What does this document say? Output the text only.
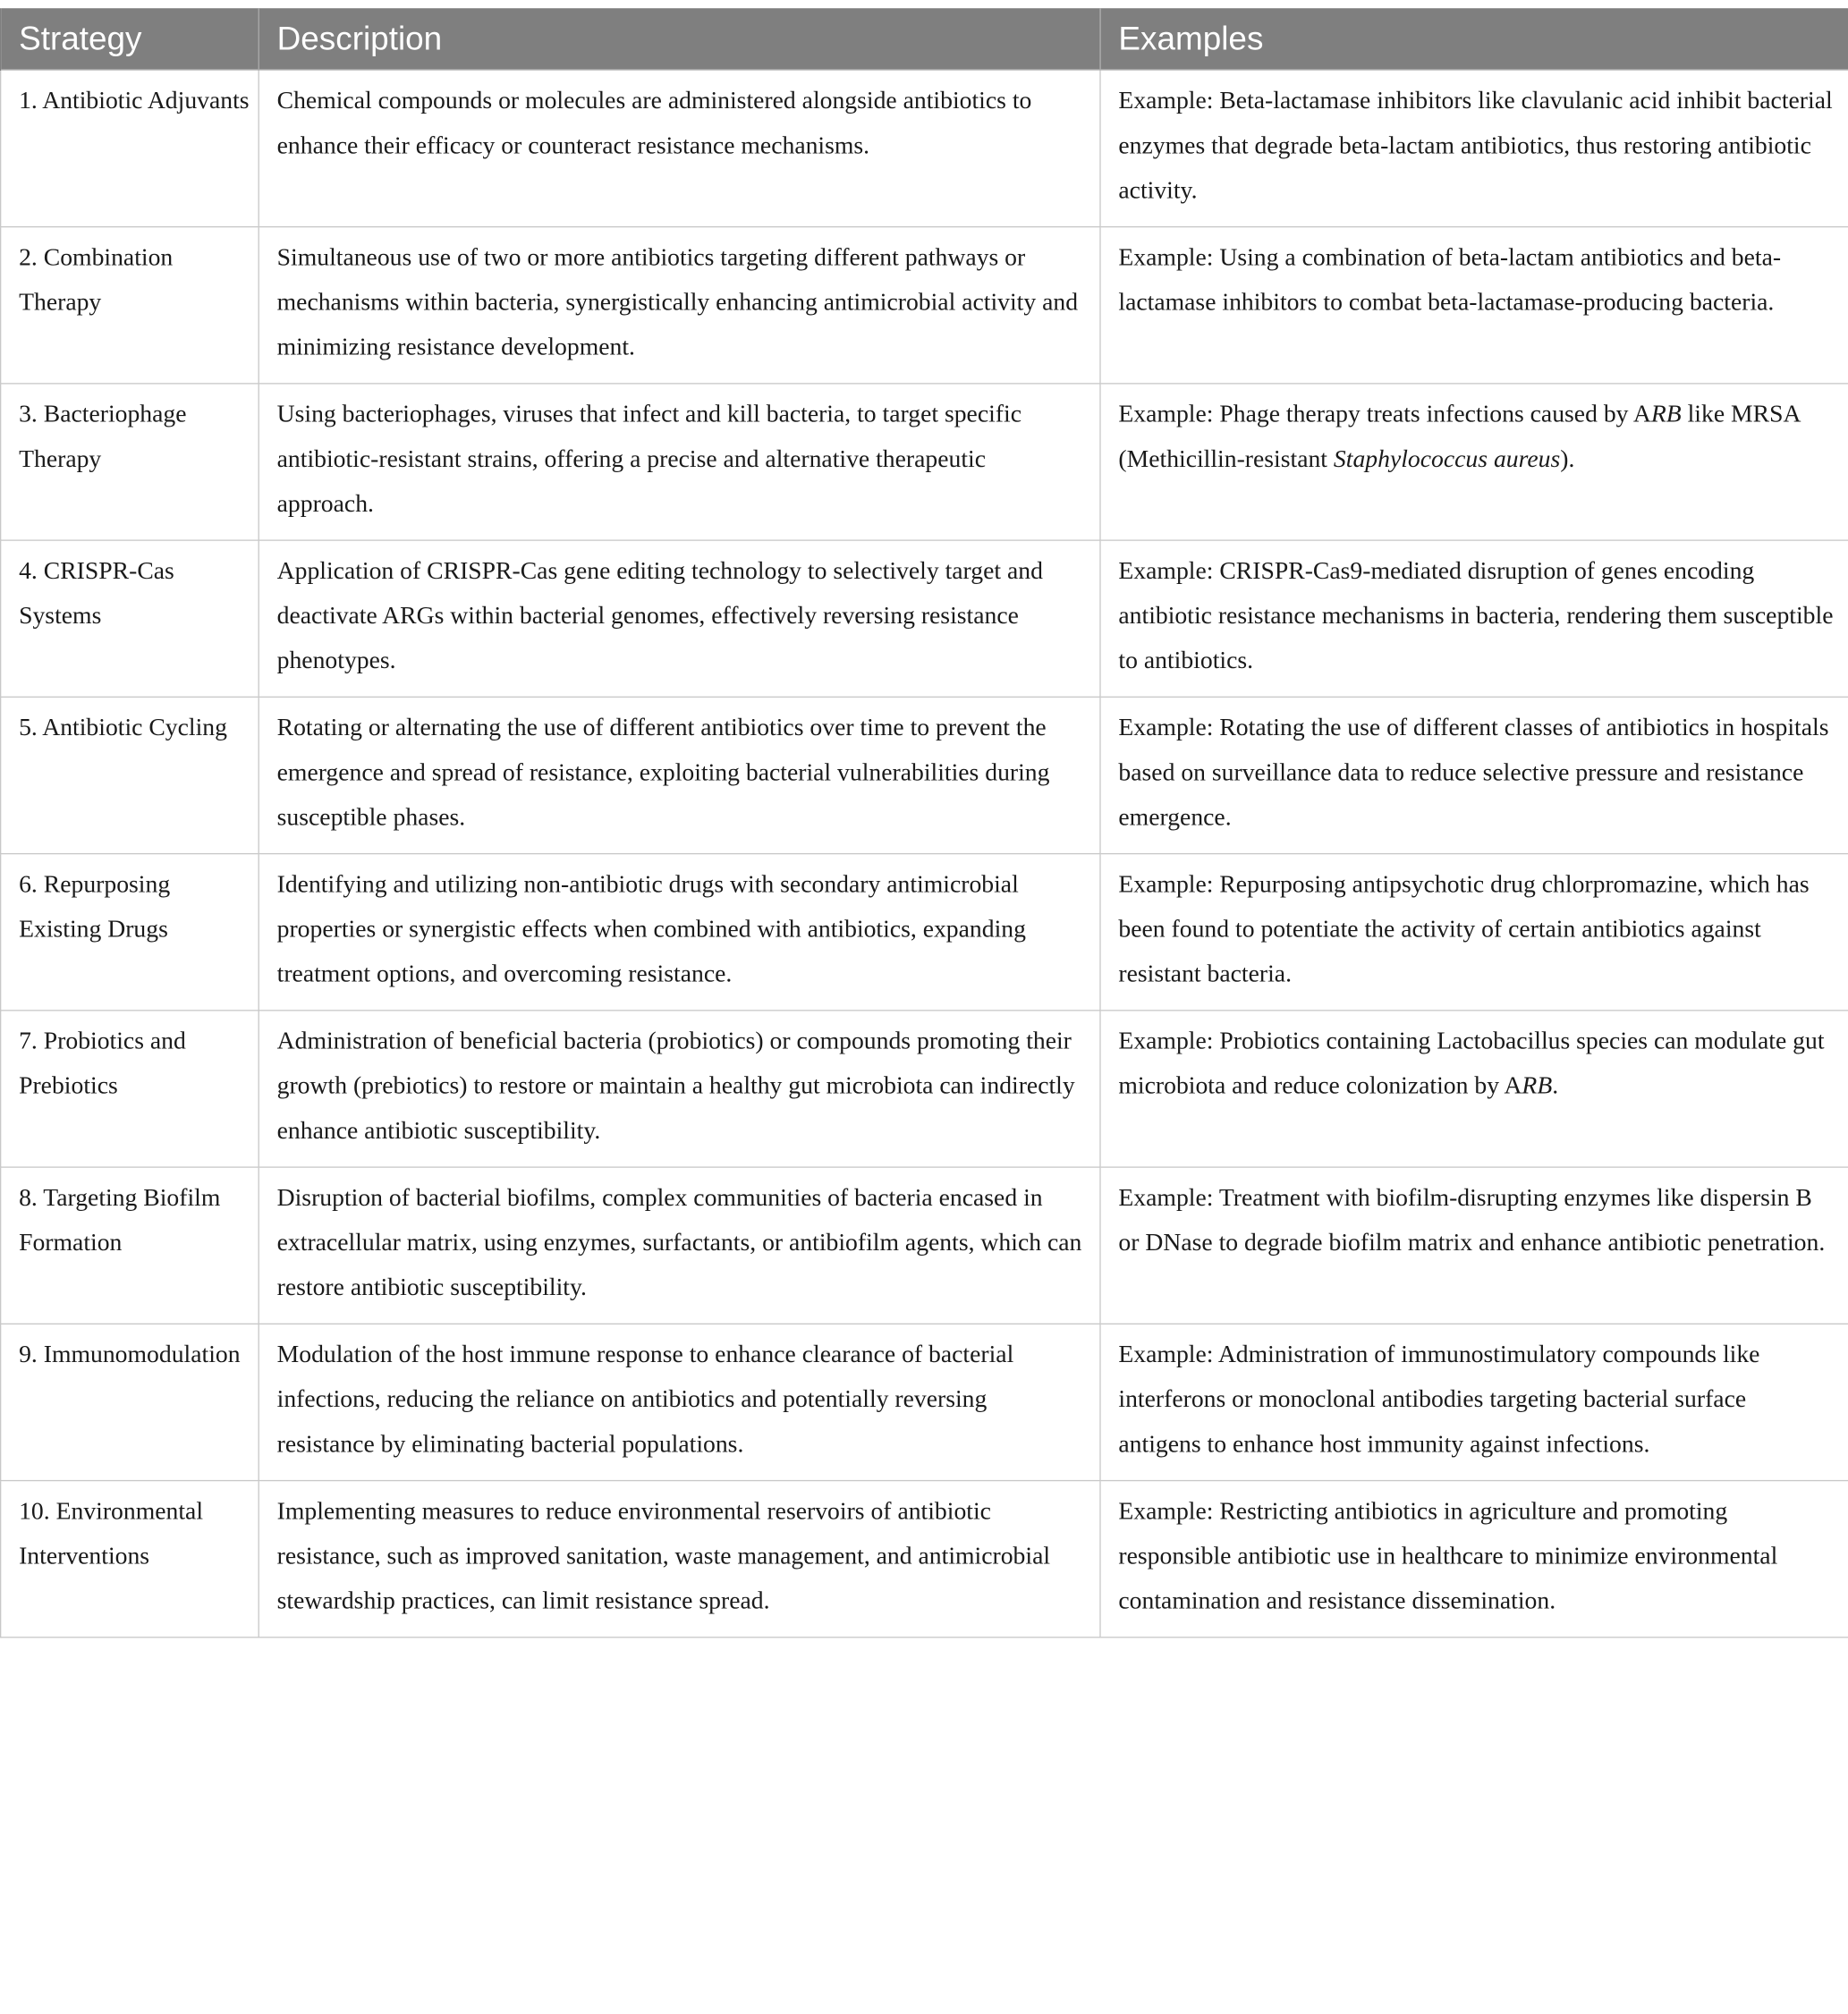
Strategy	Description	Examples
1. Antibiotic Adjuvants	Chemical compounds or molecules are administered alongside antibiotics to enhance their efficacy or counteract resistance mechanisms.	Example: Beta-lactamase inhibitors like clavulanic acid inhibit bacterial enzymes that degrade beta-lactam antibiotics, thus restoring antibiotic activity.
2. Combination Therapy	Simultaneous use of two or more antibiotics targeting different pathways or mechanisms within bacteria, synergistically enhancing antimicrobial activity and minimizing resistance development.	Example: Using a combination of beta-lactam antibiotics and beta-lactamase inhibitors to combat beta-lactamase-producing bacteria.
3. Bacteriophage Therapy	Using bacteriophages, viruses that infect and kill bacteria, to target specific antibiotic-resistant strains, offering a precise and alternative therapeutic approach.	Example: Phage therapy treats infections caused by ARB like MRSA (Methicillin-resistant Staphylococcus aureus).
4. CRISPR-Cas Systems	Application of CRISPR-Cas gene editing technology to selectively target and deactivate ARGs within bacterial genomes, effectively reversing resistance phenotypes.	Example: CRISPR-Cas9-mediated disruption of genes encoding antibiotic resistance mechanisms in bacteria, rendering them susceptible to antibiotics.
5. Antibiotic Cycling	Rotating or alternating the use of different antibiotics over time to prevent the emergence and spread of resistance, exploiting bacterial vulnerabilities during susceptible phases.	Example: Rotating the use of different classes of antibiotics in hospitals based on surveillance data to reduce selective pressure and resistance emergence.
6. Repurposing Existing Drugs	Identifying and utilizing non-antibiotic drugs with secondary antimicrobial properties or synergistic effects when combined with antibiotics, expanding treatment options, and overcoming resistance.	Example: Repurposing antipsychotic drug chlorpromazine, which has been found to potentiate the activity of certain antibiotics against resistant bacteria.
7. Probiotics and Prebiotics	Administration of beneficial bacteria (probiotics) or compounds promoting their growth (prebiotics) to restore or maintain a healthy gut microbiota can indirectly enhance antibiotic susceptibility.	Example: Probiotics containing Lactobacillus species can modulate gut microbiota and reduce colonization by ARB.
8. Targeting Biofilm Formation	Disruption of bacterial biofilms, complex communities of bacteria encased in extracellular matrix, using enzymes, surfactants, or antibiofilm agents, which can restore antibiotic susceptibility.	Example: Treatment with biofilm-disrupting enzymes like dispersin B or DNase to degrade biofilm matrix and enhance antibiotic penetration.
9. Immunomodulation	Modulation of the host immune response to enhance clearance of bacterial infections, reducing the reliance on antibiotics and potentially reversing resistance by eliminating bacterial populations.	Example: Administration of immunostimulatory compounds like interferons or monoclonal antibodies targeting bacterial surface antigens to enhance host immunity against infections.
10. Environmental Interventions	Implementing measures to reduce environmental reservoirs of antibiotic resistance, such as improved sanitation, waste management, and antimicrobial stewardship practices, can limit resistance spread.	Example: Restricting antibiotics in agriculture and promoting responsible antibiotic use in healthcare to minimize environmental contamination and resistance dissemination.
